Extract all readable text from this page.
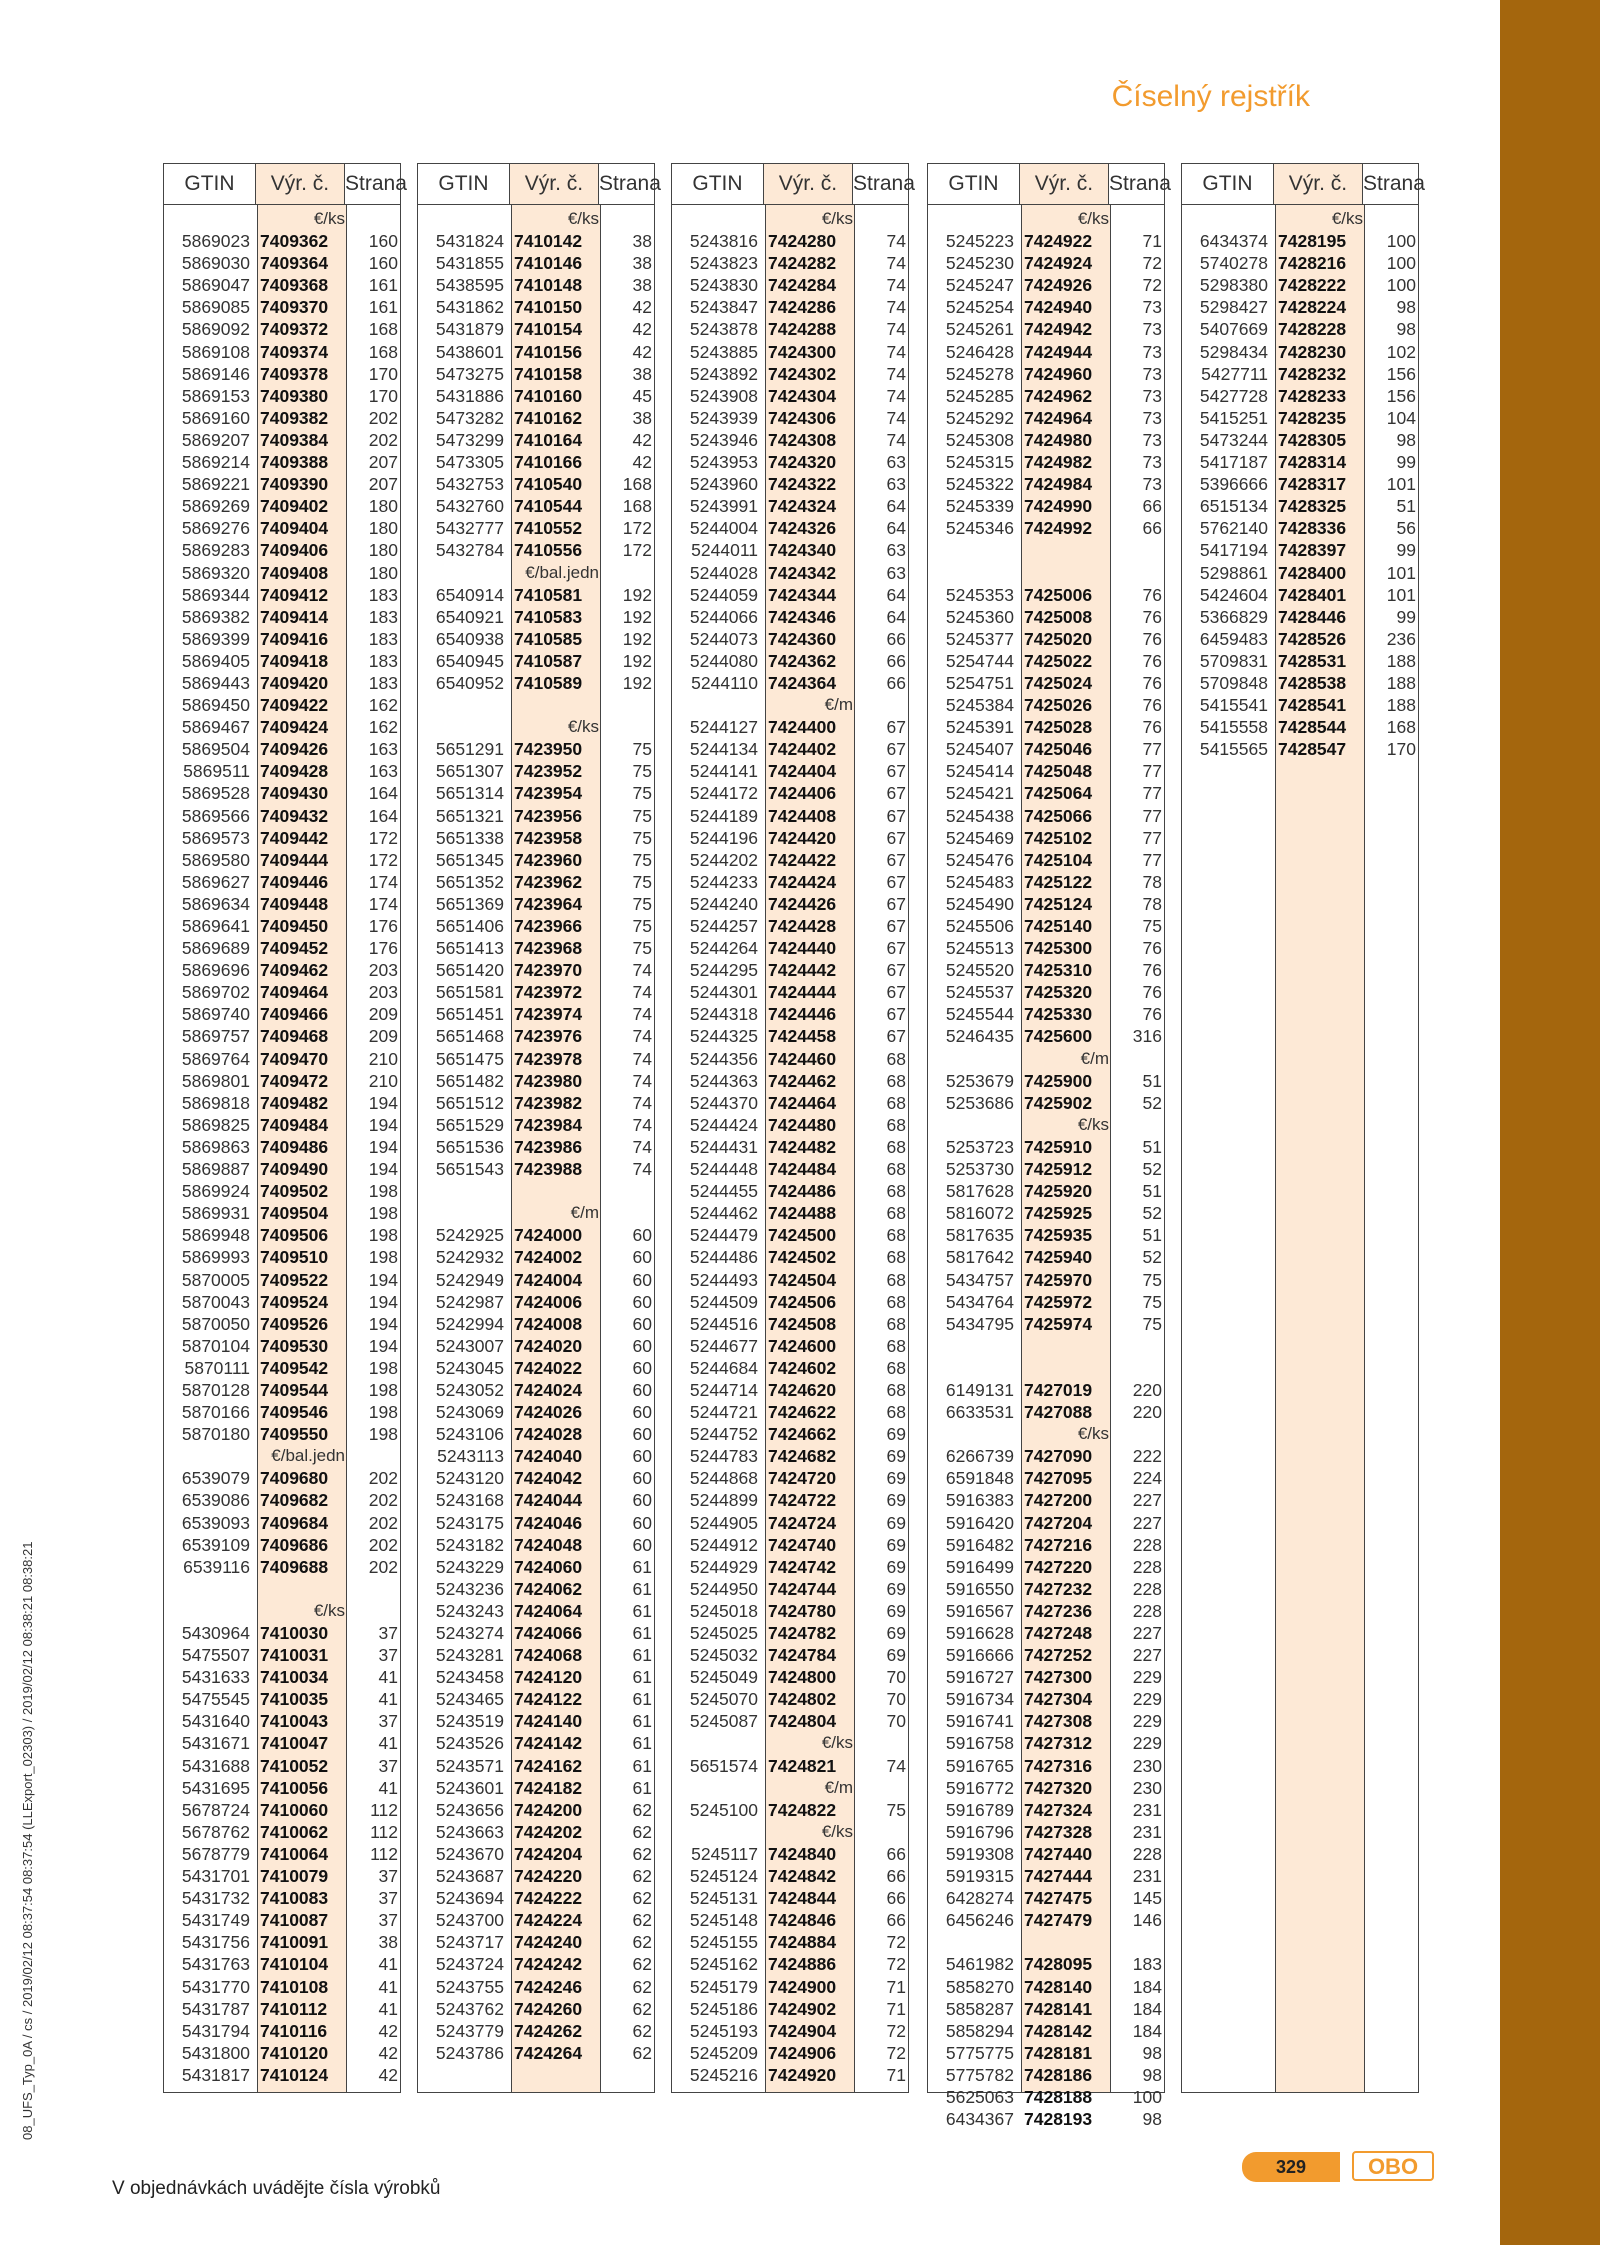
Číselný rejstřík
08_UFS_Typ_0A / cs / 2019/02/12 08:37:54 08:37:54 (LLExport_02303) / 2019/02/12 08:38:21 08:38:21
GTIN	Výr. č. Strana
€/ks
5869023 7409362	160
5869030 7409364	160
5869047 7409368	161
5869085 7409370	161
5869092 7409372	168
5869108 7409374	168
5869146 7409378	170
5869153 7409380	170
5869160 7409382	202
5869207 7409384	202
5869214 7409388	207
5869221 7409390	207
5869269 7409402	180
5869276 7409404	180
5869283 7409406	180
5869320 7409408	180
5869344 7409412	183
5869382 7409414	183
5869399 7409416	183
5869405 7409418	183
5869443 7409420	183
5869450 7409422	162
5869467 7409424	162
5869504 7409426	163
5869511 7409428	163
5869528 7409430	164
5869566 7409432	164
5869573 7409442	172
5869580 7409444	172
5869627 7409446	174
5869634 7409448	174
5869641 7409450	176
5869689 7409452	176
5869696 7409462	203
5869702 7409464	203
5869740 7409466	209
5869757 7409468	209
5869764 7409470	210
5869801 7409472	210
5869818 7409482	194
5869825 7409484	194
5869863 7409486	194
5869887 7409490	194
5869924 7409502	198
5869931 7409504	198
5869948 7409506	198
5869993 7409510	198
5870005 7409522	194
5870043 7409524	194
5870050 7409526	194
5870104 7409530	194
5870111 7409542	198
5870128 7409544	198
5870166 7409546	198
5870180 7409550	198
€/bal.jedn
6539079 7409680	202
6539086 7409682	202
6539093 7409684	202
6539109 7409686	202
6539116 7409688	202
€/ks
5430964 7410030	37
5475507 7410031	37
5431633 7410034	41
5475545 7410035	41
5431640 7410043	37
5431671 7410047	41
5431688 7410052	37
5431695 7410056	41
5678724 7410060	112
5678762 7410062	112
5678779 7410064	112
5431701 7410079	37
5431732 7410083	37
5431749 7410087	37
5431756 7410091	38
5431763 7410104	41
5431770 7410108	41
5431787 7410112	41
5431794 7410116	42
5431800 7410120	42
5431817 7410124	42
GTIN	Výr. č. Strana
€/ks
5431824 7410142	38
5431855 7410146	38
5438595 7410148	38
5431862 7410150	42
5431879 7410154	42
5438601 7410156	42
5473275 7410158	38
5431886 7410160	45
5473282 7410162	38
5473299 7410164	42
5473305 7410166	42
5432753 7410540	168
5432760 7410544	168
5432777 7410552	172
5432784 7410556	172
€/bal.jedn
6540914 7410581	192
6540921 7410583	192
6540938 7410585	192
6540945 7410587	192
6540952 7410589	192
€/ks
5651291 7423950	75
5651307 7423952	75
5651314 7423954	75
5651321 7423956	75
5651338 7423958	75
5651345 7423960	75
5651352 7423962	75
5651369 7423964	75
5651406 7423966	75
5651413 7423968	75
5651420 7423970	74
5651581 7423972	74
5651451 7423974	74
5651468 7423976	74
5651475 7423978	74
5651482 7423980	74
5651512 7423982	74
5651529 7423984	74
5651536 7423986	74
5651543 7423988	74
€/m
5242925 7424000	60
5242932 7424002	60
5242949 7424004	60
5242987 7424006	60
5242994 7424008	60
5243007 7424020	60
5243045 7424022	60
5243052 7424024	60
5243069 7424026	60
5243106 7424028	60
5243113 7424040	60
5243120 7424042	60
5243168 7424044	60
5243175 7424046	60
5243182 7424048	60
5243229 7424060	61
5243236 7424062	61
5243243 7424064	61
5243274 7424066	61
5243281 7424068	61
5243458 7424120	61
5243465 7424122	61
5243519 7424140	61
5243526 7424142	61
5243571 7424162	61
5243601 7424182	61
5243656 7424200	62
5243663 7424202	62
5243670 7424204	62
5243687 7424220	62
5243694 7424222	62
5243700 7424224	62
5243717 7424240	62
5243724 7424242	62
5243755 7424246	62
5243762 7424260	62
5243779 7424262	62
5243786 7424264	62
GTIN	Výr. č. Strana
€/ks
5243816 7424280	74
5243823 7424282	74
5243830 7424284	74
5243847 7424286	74
5243878 7424288	74
5243885 7424300	74
5243892 7424302	74
5243908 7424304	74
5243939 7424306	74
5243946 7424308	74
5243953 7424320	63
5243960 7424322	63
5243991 7424324	64
5244004 7424326	64
5244011 7424340	63
5244028 7424342	63
5244059 7424344	64
5244066 7424346	64
5244073 7424360	66
5244080 7424362	66
5244110 7424364	66
€/m
5244127 7424400	67
5244134 7424402	67
5244141 7424404	67
5244172 7424406	67
5244189 7424408	67
5244196 7424420	67
5244202 7424422	67
5244233 7424424	67
5244240 7424426	67
5244257 7424428	67
5244264 7424440	67
5244295 7424442	67
5244301 7424444	67
5244318 7424446	67
5244325 7424458	67
5244356 7424460	68
5244363 7424462	68
5244370 7424464	68
5244424 7424480	68
5244431 7424482	68
5244448 7424484	68
5244455 7424486	68
5244462 7424488	68
5244479 7424500	68
5244486 7424502	68
5244493 7424504	68
5244509 7424506	68
5244516 7424508	68
5244677 7424600	68
5244684 7424602	68
5244714 7424620	68
5244721 7424622	68
5244752 7424662	69
5244783 7424682	69
5244868 7424720	69
5244899 7424722	69
5244905 7424724	69
5244912 7424740	69
5244929 7424742	69
5244950 7424744	69
5245018 7424780	69
5245025 7424782	69
5245032 7424784	69
5245049 7424800	70
5245070 7424802	70
5245087 7424804	70
€/ks
5651574 7424821	74
€/m
5245100 7424822	75
€/ks
5245117 7424840	66
5245124 7424842	66
5245131 7424844	66
5245148 7424846	66
5245155 7424884	72
5245162 7424886	72
5245179 7424900	71
5245186 7424902	71
5245193 7424904	72
5245209 7424906	72
5245216 7424920	71
GTIN	Výr. č. Strana
€/ks
5245223 7424922	71
5245230 7424924	72
5245247 7424926	72
5245254 7424940	73
5245261 7424942	73
5246428 7424944	73
5245278 7424960	73
5245285 7424962	73
5245292 7424964	73
5245308 7424980	73
5245315 7424982	73
5245322 7424984	73
5245339 7424990	66
5245346 7424992	66
5245353 7425006	76
5245360 7425008	76
5245377 7425020	76
5254744 7425022	76
5254751 7425024	76
5245384 7425026	76
5245391 7425028	76
5245407 7425046	77
5245414 7425048	77
5245421 7425064	77
5245438 7425066	77
5245469 7425102	77
5245476 7425104	77
5245483 7425122	78
5245490 7425124	78
5245506 7425140	75
5245513 7425300	76
5245520 7425310	76
5245537 7425320	76
5245544 7425330	76
5246435 7425600	316
€/m
5253679 7425900	51
5253686 7425902	52
€/ks
5253723 7425910	51
5253730 7425912	52
5817628 7425920	51
5816072 7425925	52
5817635 7425935	51
5817642 7425940	52
5434757 7425970	75
5434764 7425972	75
5434795 7425974	75
6149131 7427019	220
6633531 7427088	220
€/ks
6266739 7427090	222
6591848 7427095	224
5916383 7427200	227
5916420 7427204	227
5916482 7427216	228
5916499 7427220	228
5916550 7427232	228
5916567 7427236	228
5916628 7427248	227
5916666 7427252	227
5916727 7427300	229
5916734 7427304	229
5916741 7427308	229
5916758 7427312	229
5916765 7427316	230
5916772 7427320	230
5916789 7427324	231
5916796 7427328	231
5919308 7427440	228
5919315 7427444	231
6428274 7427475	145
6456246 7427479	146
5461982 7428095	183
5858270 7428140	184
5858287 7428141	184
5858294 7428142	184
5775775 7428181	98
5775782 7428186	98
5625063 7428188	100
6434367 7428193	98
GTIN	Výr. č. Strana
€/ks
6434374 7428195	100
5740278 7428216	100
5298380 7428222	100
5298427 7428224	98
5407669 7428228	98
5298434 7428230	102
5427711 7428232	156
5427728 7428233	156
5415251 7428235	104
5473244 7428305	98
5417187 7428314	99
5396666 7428317	101
6515134 7428325	51
5762140 7428336	56
5417194 7428397	99
5298861 7428400	101
5424604 7428401	101
5366829 7428446	99
6459483 7428526	236
5709831 7428531	188
5709848 7428538	188
5415541 7428541	188
5415558 7428544	168
5415565 7428547	170
V objednávkách uvádějte čísla výrobků
329	OBO
